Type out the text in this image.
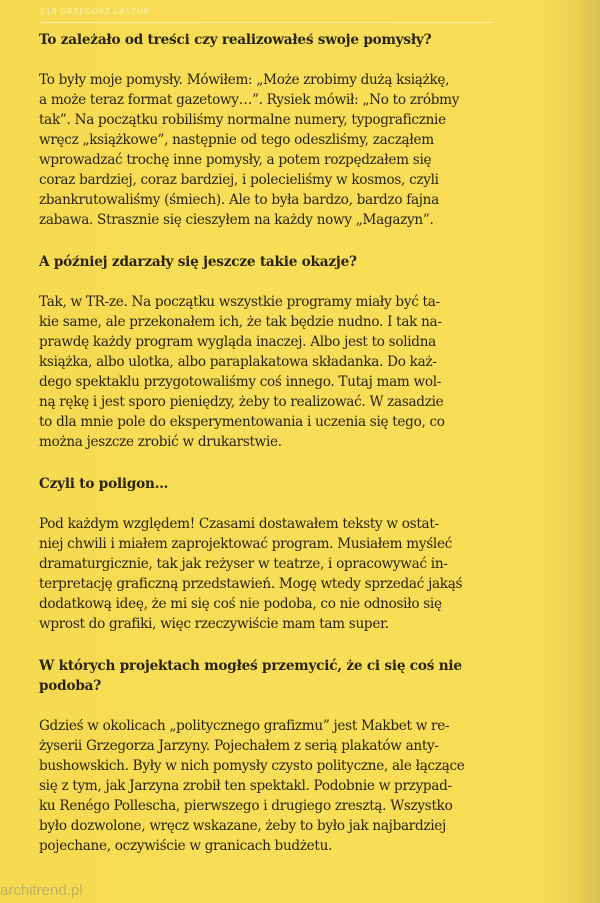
218 GRZEGORZ LASZUK

To zależało od treści czy realizowałeś swoje pomysły?

To były moje pomysły. Mówiłem: „Może zrobimy dużą książkę,
a może teraz format gazetowy…”. Rysiek mówił: „No to zróbmy
tak”. Na początku robiliśmy normalne numery, typograficznie
wręcz „książkowe”, następnie od tego odeszliśmy, zacząłem
wprowadzać trochę inne pomysły, a potem rozpędzałem się
coraz bardziej, coraz bardziej, i polecieliśmy w kosmos, czyli
zbankrutowaliśmy (śmiech). Ale to była bardzo, bardzo fajna
zabawa. Strasznie się cieszyłem na każdy nowy „Magazyn”.

A później zdarzały się jeszcze takie okazje?

Tak, w TR-ze. Na początku wszystkie programy miały być ta-
kie same, ale przekonałem ich, że tak będzie nudno. I tak na-
prawdę każdy program wygląda inaczej. Albo jest to solidna
książka, albo ulotka, albo paraplakatowa składanka. Do każ-
dego spektaklu przygotowaliśmy coś innego. Tutaj mam wol-
ną rękę i jest sporo pieniędzy, żeby to realizować. W zasadzie
to dla mnie pole do eksperymentowania i uczenia się tego, co
można jeszcze zrobić w drukarstwie.

Czyli to poligon…

Pod każdym względem! Czasami dostawałem teksty w ostat-
niej chwili i miałem zaprojektować program. Musiałem myśleć
dramaturgicznie, tak jak reżyser w teatrze, i opracowywać in-
terpretację graficzną przedstawień. Mogę wtedy sprzedać jakąś
dodatkową ideę, że mi się coś nie podoba, co nie odnosiło się
wprost do grafiki, więc rzeczywiście mam tam super.

W których projektach mogłeś przemycić, że ci się coś nie podoba?

Gdzieś w okolicach „politycznego grafizmu” jest Makbet w re-
żyserii Grzegorza Jarzyny. Pojechałem z serią plakatów anty-
bushowskich. Były w nich pomysły czysto polityczne, ale łączące
się z tym, jak Jarzyna zrobił ten spektakl. Podobnie w przypad-
ku Renégo Pollescha, pierwszego i drugiego zresztą. Wszystko
było dozwolone, wręcz wskazane, żeby to było jak najbardziej
pojechane, oczywiście w granicach budżetu.

architrend.pl
